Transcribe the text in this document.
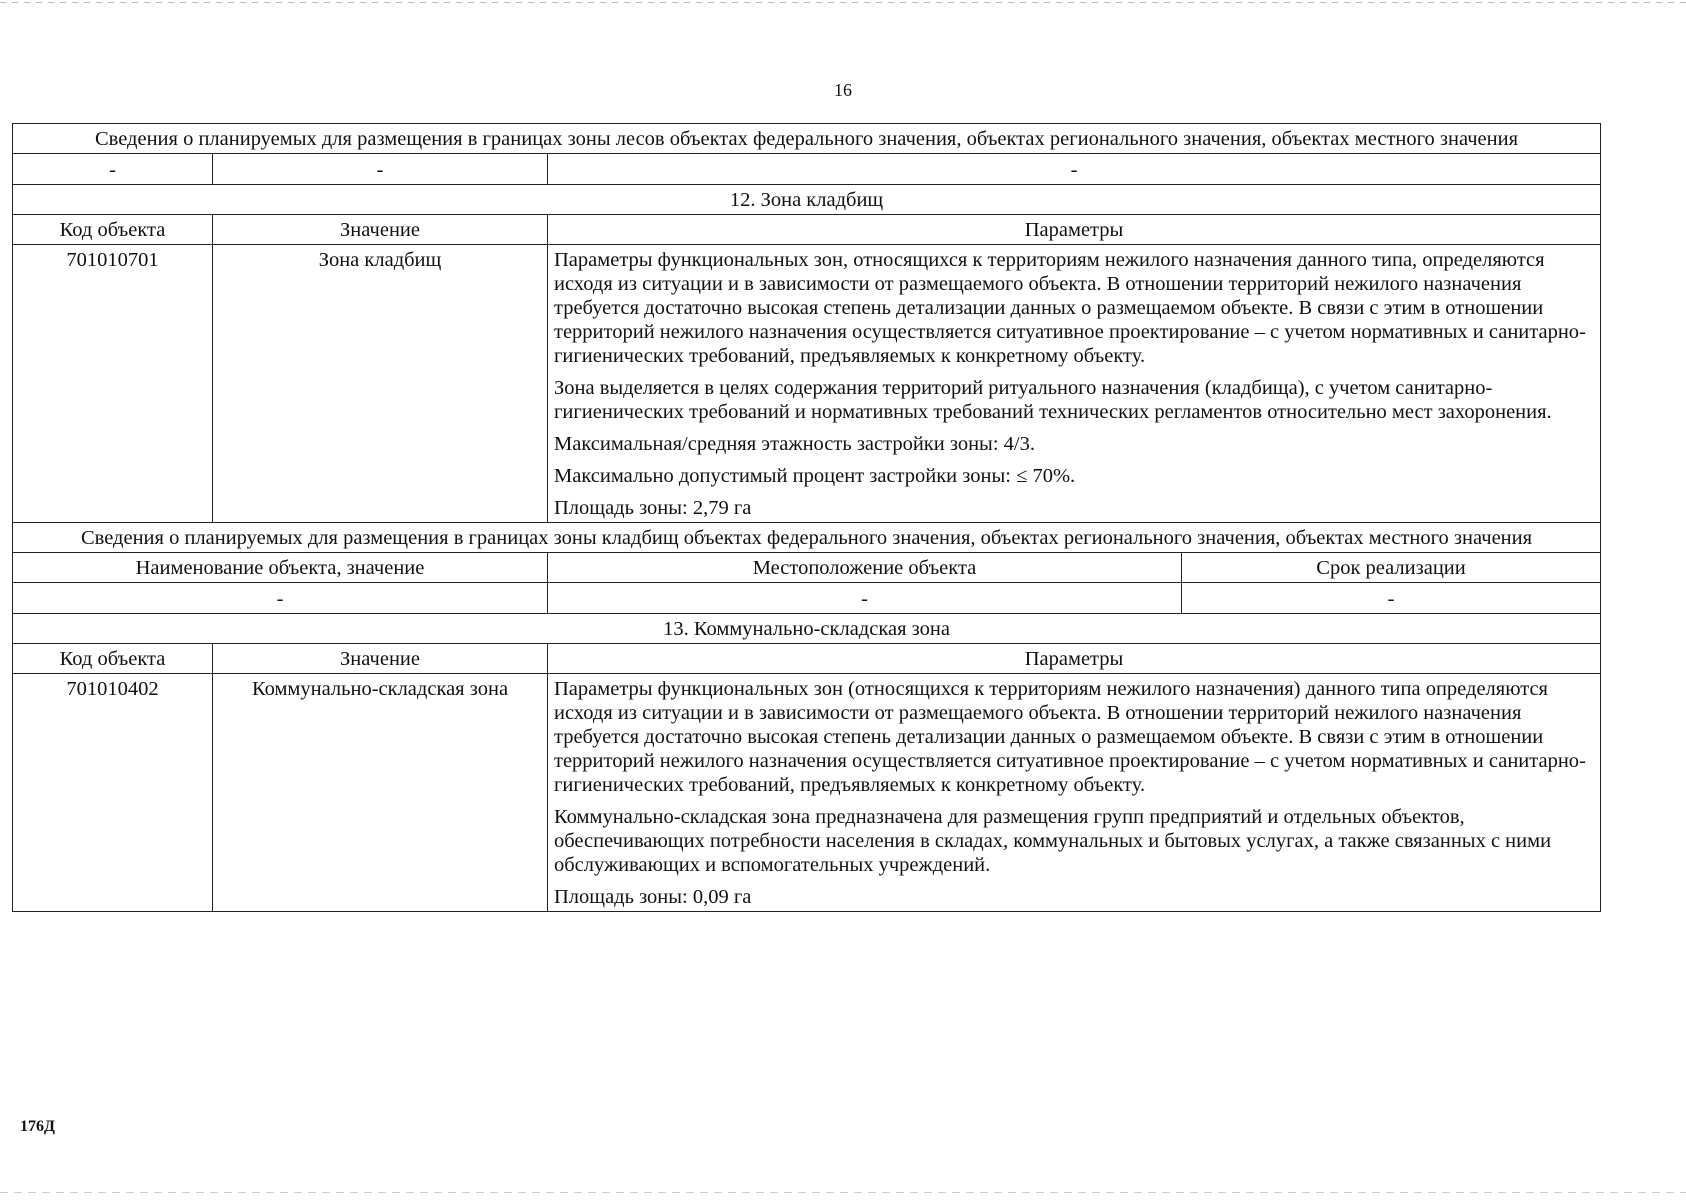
16
Сведения о планируемых для размещения в границах зоны лесов объектах федерального значения, объектах регионального значения, объектах местного значения			
-	-	-	
12. Зона кладбищ			
Код объекта	Значение	Параметры	
701010701	Зона кладбищ	Параметры функциональных зон, относящихся к территориям нежилого назначения данного типа, определяются исходя из ситуации и в зависимости от размещаемого объекта. В отношении территорий нежилого назначения требуется достаточно высокая степень детализации данных о размещаемом объекте. В связи с этим в отношении территорий нежилого назначения осуществляется ситуативное проектирование – с учетом нормативных и санитарно-гигиенических требований, предъявляемых к конкретному объекту.

Зона выделяется в целях содержания территорий ритуального назначения (кладбища), с учетом санитарно-гигиенических требований и нормативных требований технических регламентов относительно мест захоронения.

Максимальная/средняя этажность застройки зоны: 4/3.

Максимально допустимый процент застройки зоны: ≤ 70%.

Площадь зоны: 2,79 га	

Сведения о планируемых для размещения в границах зоны кладбищ объектах федерального значения, объектах регионального значения, объектах местного значения			
Наименование объекта, значение		Местоположение объекта	Срок реализации
-		-	-
13. Коммунально-складская зона			
Код объекта	Значение	Параметры	
701010402	Коммунально-складская зона	Параметры функциональных зон (относящихся к территориям нежилого назначения) данного типа определяются исходя из ситуации и в зависимости от размещаемого объекта. В отношении территорий нежилого назначения требуется достаточно высокая степень детализации данных о размещаемом объекте. В связи с этим в отношении территорий нежилого назначения осуществляется ситуативное проектирование – с учетом нормативных и санитарно-гигиенических требований, предъявляемых к конкретному объекту.

Коммунально-складская зона предназначена для размещения групп предприятий и отдельных объектов, обеспечивающих потребности населения в складах, коммунальных и бытовых услугах, а также связанных с ними обслуживающих и вспомогательных учреждений.

Площадь зоны: 0,09 га	

176Д
